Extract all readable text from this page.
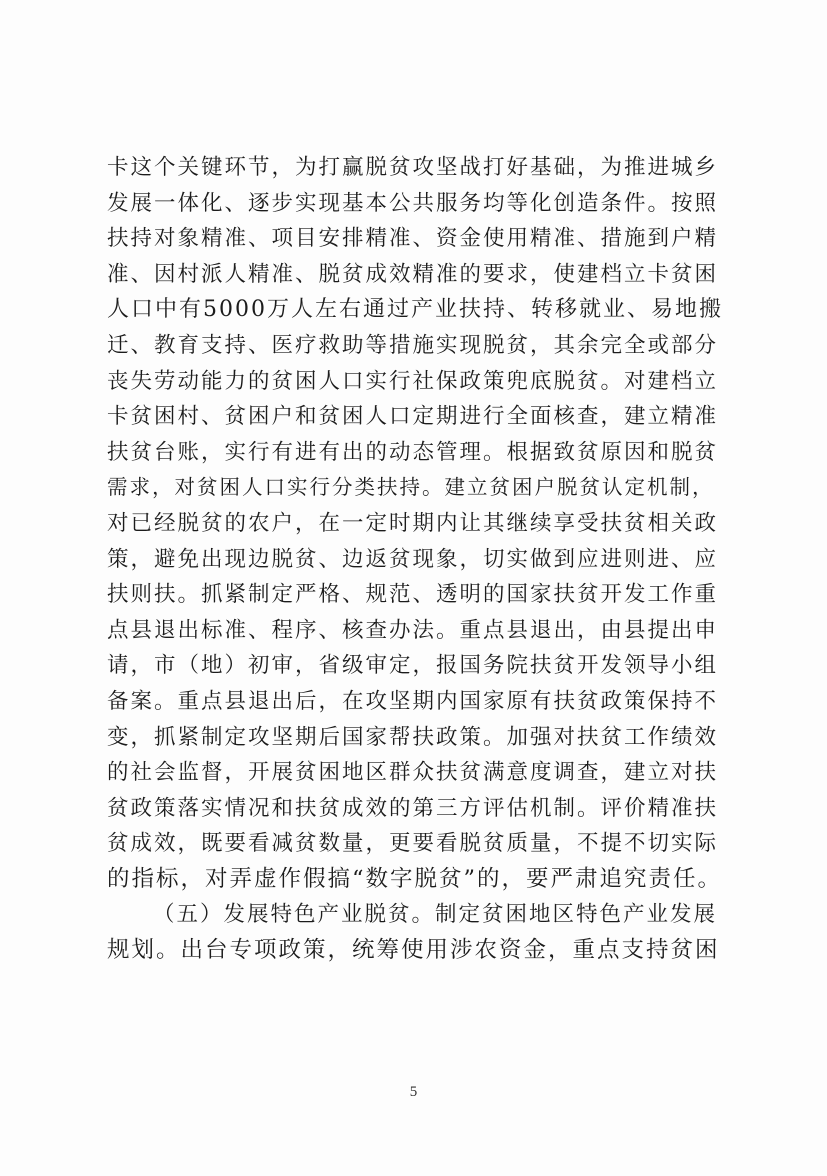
卡这个关键环节，为打赢脱贫攻坚战打好基础，为推进城乡
发展一体化、逐步实现基本公共服务均等化创造条件。按照
扶持对象精准、项目安排精准、资金使用精准、措施到户精
准、因村派人精准、脱贫成效精准的要求，使建档立卡贫困
人口中有5000万人左右通过产业扶持、转移就业、易地搬
迁、教育支持、医疗救助等措施实现脱贫，其余完全或部分
丧失劳动能力的贫困人口实行社保政策兜底脱贫。对建档立
卡贫困村、贫困户和贫困人口定期进行全面核查，建立精准
扶贫台账，实行有进有出的动态管理。根据致贫原因和脱贫
需求，对贫困人口实行分类扶持。建立贫困户脱贫认定机制，
对已经脱贫的农户，在一定时期内让其继续享受扶贫相关政
策，避免出现边脱贫、边返贫现象，切实做到应进则进、应
扶则扶。抓紧制定严格、规范、透明的国家扶贫开发工作重
点县退出标准、程序、核查办法。重点县退出，由县提出申
请，市（地）初审，省级审定，报国务院扶贫开发领导小组
备案。重点县退出后，在攻坚期内国家原有扶贫政策保持不
变，抓紧制定攻坚期后国家帮扶政策。加强对扶贫工作绩效
的社会监督，开展贫困地区群众扶贫满意度调查，建立对扶
贫政策落实情况和扶贫成效的第三方评估机制。评价精准扶
贫成效，既要看减贫数量，更要看脱贫质量，不提不切实际
的指标，对弄虚作假搞“数字脱贫”的，要严肃追究责任。
（五）发展特色产业脱贫。制定贫困地区特色产业发展
规划。出台专项政策，统筹使用涉农资金，重点支持贫困
5
